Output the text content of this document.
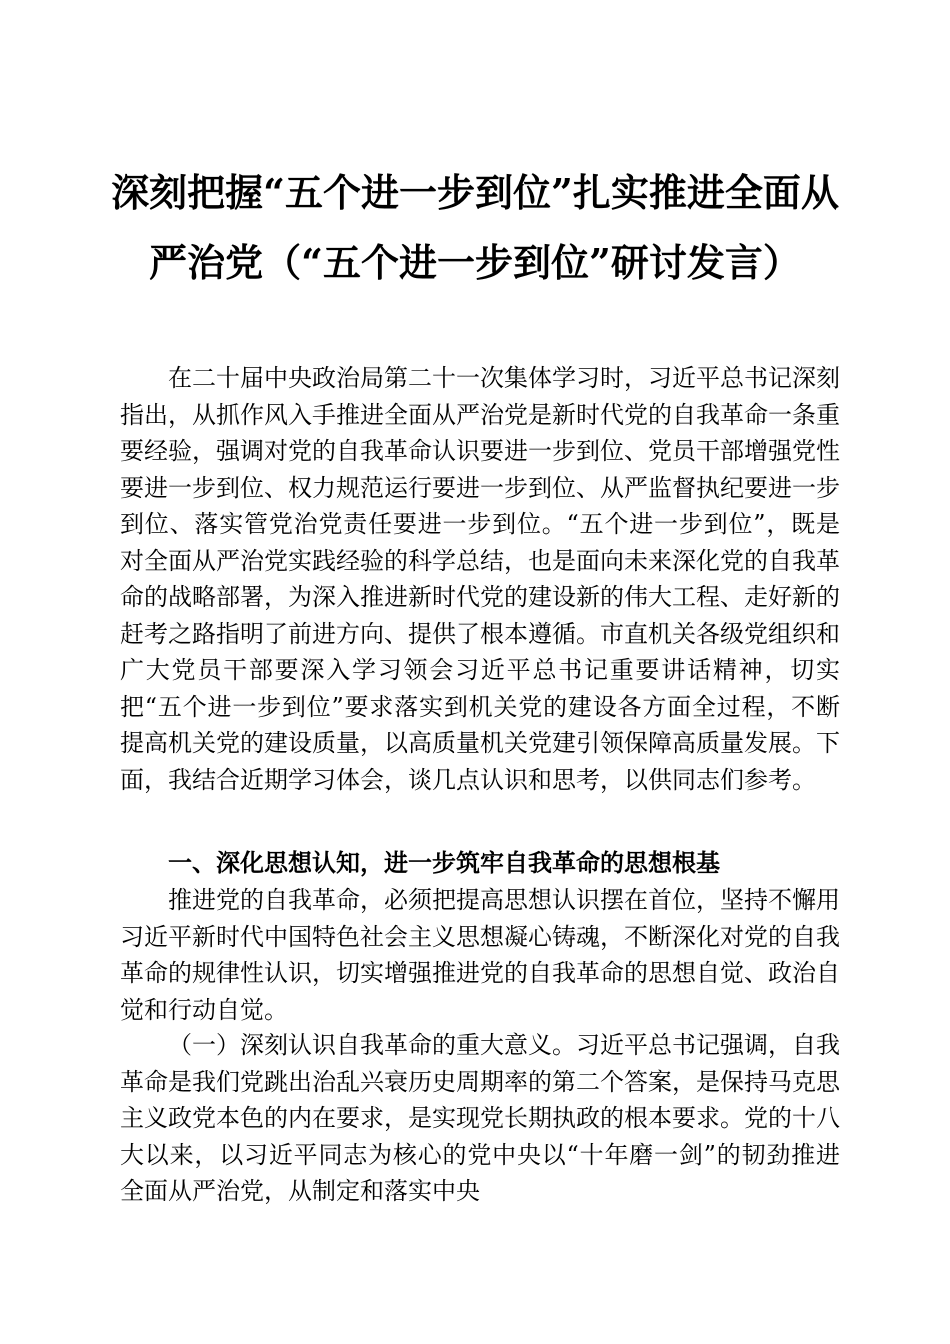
深刻把握“五个进一步到位”扎实推进全面从
严治党（“五个进一步到位”研讨发言）
在二十届中央政治局第二十一次集体学习时，习近平总书记深刻指出，从抓作风入手推进全面从严治党是新时代党的自我革命一条重要经验，强调对党的自我革命认识要进一步到位、党员干部增强党性要进一步到位、权力规范运行要进一步到位、从严监督执纪要进一步到位、落实管党治党责任要进一步到位。“五个进一步到位”，既是对全面从严治党实践经验的科学总结，也是面向未来深化党的自我革命的战略部署，为深入推进新时代党的建设新的伟大工程、走好新的赶考之路指明了前进方向、提供了根本遵循。市直机关各级党组织和广大党员干部要深入学习领会习近平总书记重要讲话精神，切实把“五个进一步到位”要求落实到机关党的建设各方面全过程，不断提高机关党的建设质量，以高质量机关党建引领保障高质量发展。下面，我结合近期学习体会，谈几点认识和思考，以供同志们参考。
一、深化思想认知，进一步筑牢自我革命的思想根基
推进党的自我革命，必须把提高思想认识摆在首位，坚持不懈用习近平新时代中国特色社会主义思想凝心铸魂，不断深化对党的自我革命的规律性认识，切实增强推进党的自我革命的思想自觉、政治自觉和行动自觉。
（一）深刻认识自我革命的重大意义。习近平总书记强调，自我革命是我们党跳出治乱兴衰历史周期率的第二个答案，是保持马克思主义政党本色的内在要求，是实现党长期执政的根本要求。党的十八大以来，以习近平同志为核心的党中央以“十年磨一剑”的韧劲推进全面从严治党，从制定和落实中央
